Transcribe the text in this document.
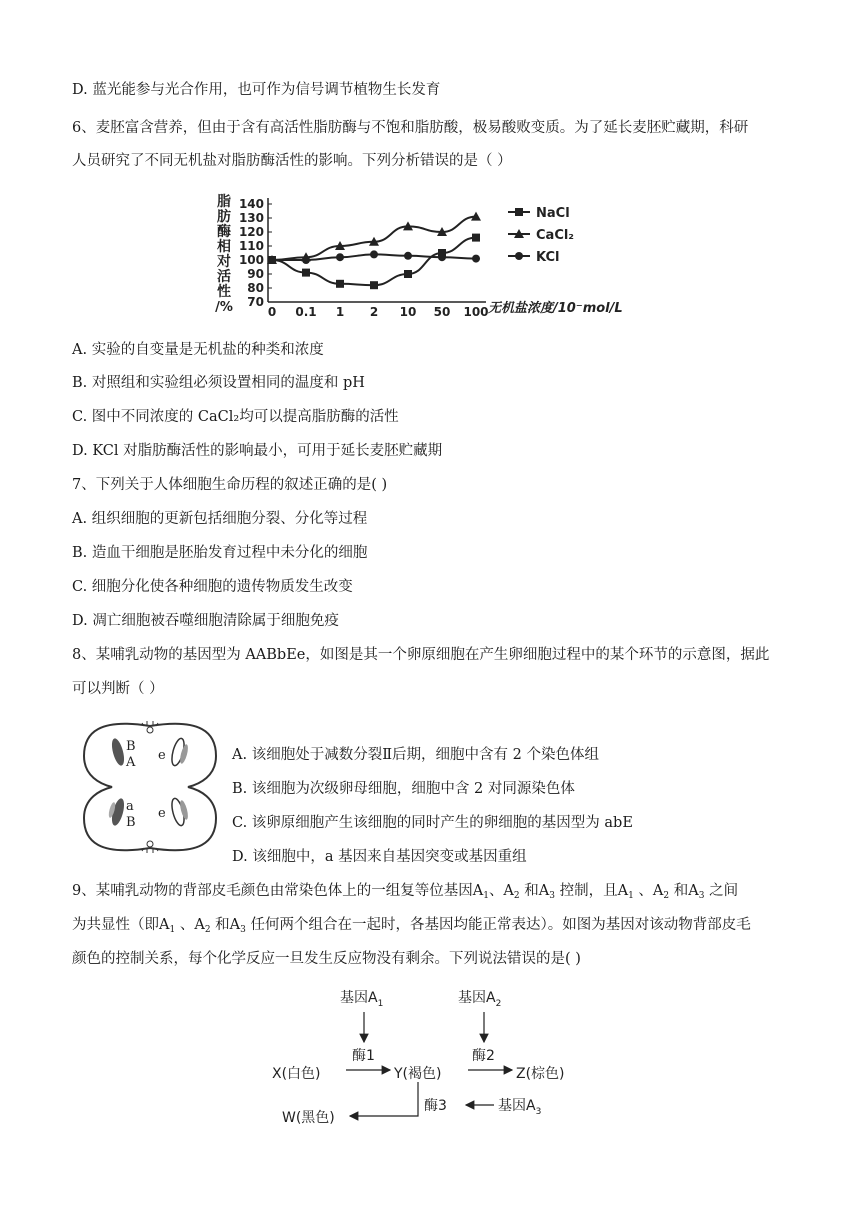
D. 蓝光能参与光合作用，也可作为信号调节植物生长发育
6、麦胚富含营养，但由于含有高活性脂肪酶与不饱和脂肪酸，极易酸败变质。为了延长麦胚贮藏期，科研
人员研究了不同无机盐对脂肪酶活性的影响。下列分析错误的是（ ）
脂
肪
酶
相
对
活
性
/% 70
80
90
100
110
120
130
140
0 0.1 1 2 10 50 100 无机盐浓度/10⁻mol/L
NaCl
CaCl₂
KCl
A. 实验的自变量是无机盐的种类和浓度
B. 对照组和实验组必须设置相同的温度和 pH
C. 图中不同浓度的 CaCl₂均可以提高脂肪酶的活性
D. KCl 对脂肪酶活性的影响最小，可用于延长麦胚贮藏期
7、下列关于人体细胞生命历程的叙述正确的是( )
A. 组织细胞的更新包括细胞分裂、分化等过程
B. 造血干细胞是胚胎发育过程中未分化的细胞
C. 细胞分化使各种细胞的遗传物质发生改变
D. 凋亡细胞被吞噬细胞清除属于细胞免疫
8、某哺乳动物的基因型为 AABbEe，如图是其一个卵原细胞在产生卵细胞过程中的某个环节的示意图，据此
可以判断（ ）
B
A e
a
B
e
A. 该细胞处于减数分裂Ⅱ后期，细胞中含有 2 个染色体组
B. 该细胞为次级卵母细胞，细胞中含 2 对同源染色体
C. 该卵原细胞产生该细胞的同时产生的卵细胞的基因型为 abE
D. 该细胞中，a 基因来自基因突变或基因重组
9、某哺乳动物的背部皮毛颜色由常染色体上的一组复等位基因$A_1$、$A_2$ 和$A_3$ 控制，且$A_1$ 、$A_2$ 和$A_3$ 之间
为共显性（即$A_1$ 、$A_2$ 和$A_3$ 任何两个组合在一起时，各基因均能正常表达）。如图为基因对该动物背部皮毛
颜色的控制关系，每个化学反应一旦发生反应物没有剩余。下列说法错误的是( )
基因$A_1$	基因$A_2$
酶1	酶2
X(白色)	Y(褐色)	Z(棕色)
酶3	基因$A_3$
W(黑色)
